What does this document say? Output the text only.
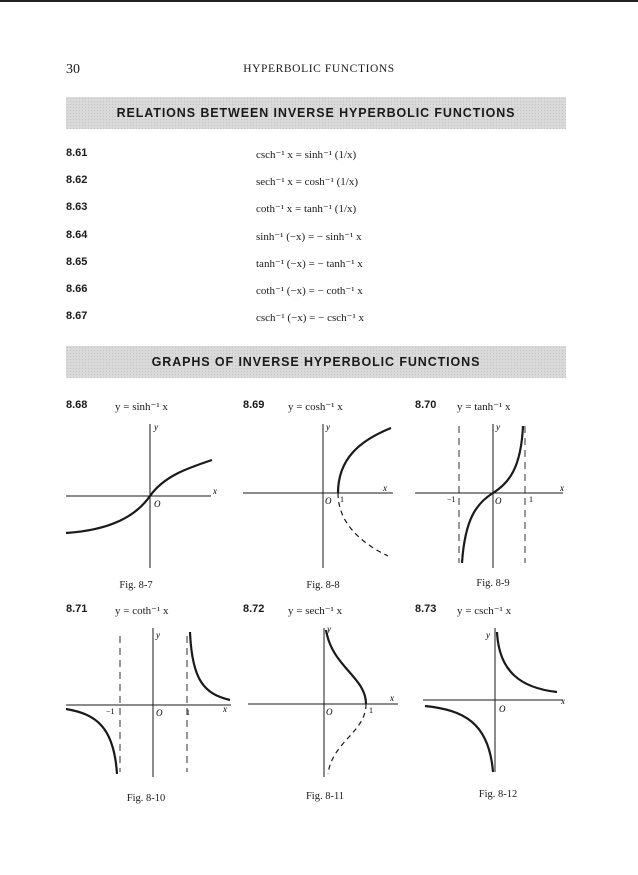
30	HYPERBOLIC FUNCTIONS
RELATIONS BETWEEN INVERSE HYPERBOLIC FUNCTIONS
8.61	csch⁻¹ x = sinh⁻¹ (1/x)
8.62	sech⁻¹ x = cosh⁻¹ (1/x)
8.63	coth⁻¹ x = tanh⁻¹ (1/x)
8.64	sinh⁻¹ (−x) = − sinh⁻¹ x
8.65	tanh⁻¹ (−x) = − tanh⁻¹ x
8.66	coth⁻¹ (−x) = − coth⁻¹ x
8.67	csch⁻¹ (−x) = − csch⁻¹ x
GRAPHS OF INVERSE HYPERBOLIC FUNCTIONS
8.68	y = sinh⁻¹ x	8.69 y = cosh⁻¹ x	8.70 y = tanh⁻¹ x
y
x
O
y
x
O 1
y
x
O
−1	1
Fig. 8-7	Fig. 8-8	Fig. 8-9
8.71	y = coth⁻¹ x	8.72 y = sech⁻¹ x	8.73 y = csch⁻¹ x
y
x
O
−1	1
y
x
O	1
y
x
O
Fig. 8-10	Fig. 8-11	Fig. 8-12
